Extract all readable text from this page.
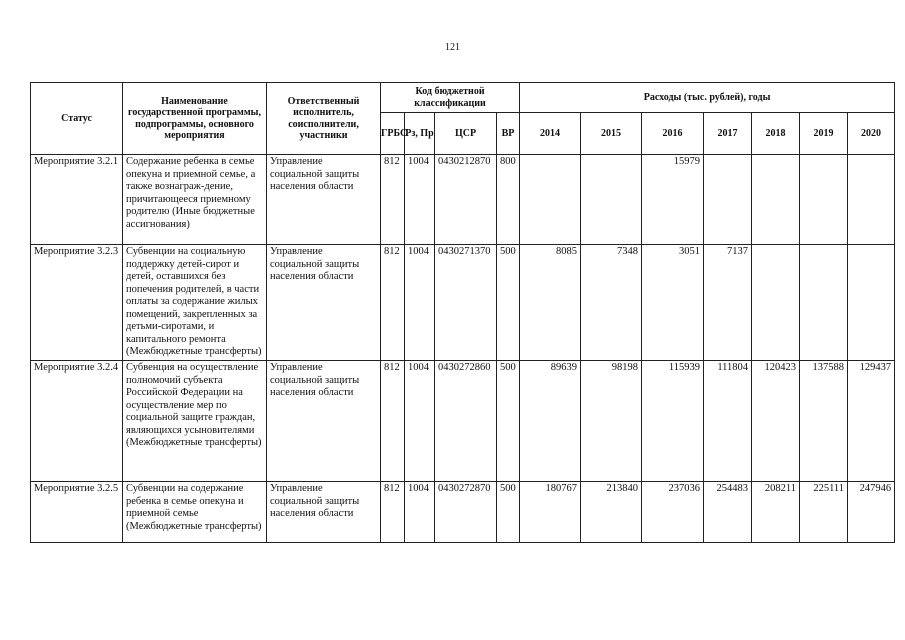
121
Статус	Наименование государственной программы, подпрограммы, основного мероприятия	Ответственный исполнитель, соисполнители, участники	Код бюджетной классификации				Расходы (тыс. рублей), годы						
			ГРБС	Рз, Пр	ЦСР	ВР	2014	2015	2016	2017	2018	2019	2020
Мероприятие 3.2.1	Содержание ребенка в семье опекуна и приемной семье, а также вознаграж-дение, причитающееся приемному родителю (Иные бюджетные ассигнования)	Управление социальной защиты населения области	812	1004	0430212870	800			15979				
Мероприятие 3.2.3	Субвенции на социальную поддержку детей-сирот и детей, оставшихся без попечения родителей, в части оплаты за содержание жилых помещений, закрепленных за детьми-сиротами, и капитального ремонта (Межбюджетные трансферты)	Управление социальной защиты населения области	812	1004	0430271370	500	8085	7348	3051	7137			
Мероприятие 3.2.4	Субвенция на осуществление полномочий субъекта Российской Федерации на осуществление мер по социальной защите граждан, являющихся усыновителями (Межбюджетные трансферты)	Управление социальной защиты населения области	812	1004	0430272860	500	89639	98198	115939	111804	120423	137588	129437
Мероприятие 3.2.5	Субвенции на содержание ребенка в семье опекуна и приемной семье (Межбюджетные трансферты)	Управление социальной защиты населения области	812	1004	0430272870	500	180767	213840	237036	254483	208211	225111	247946
